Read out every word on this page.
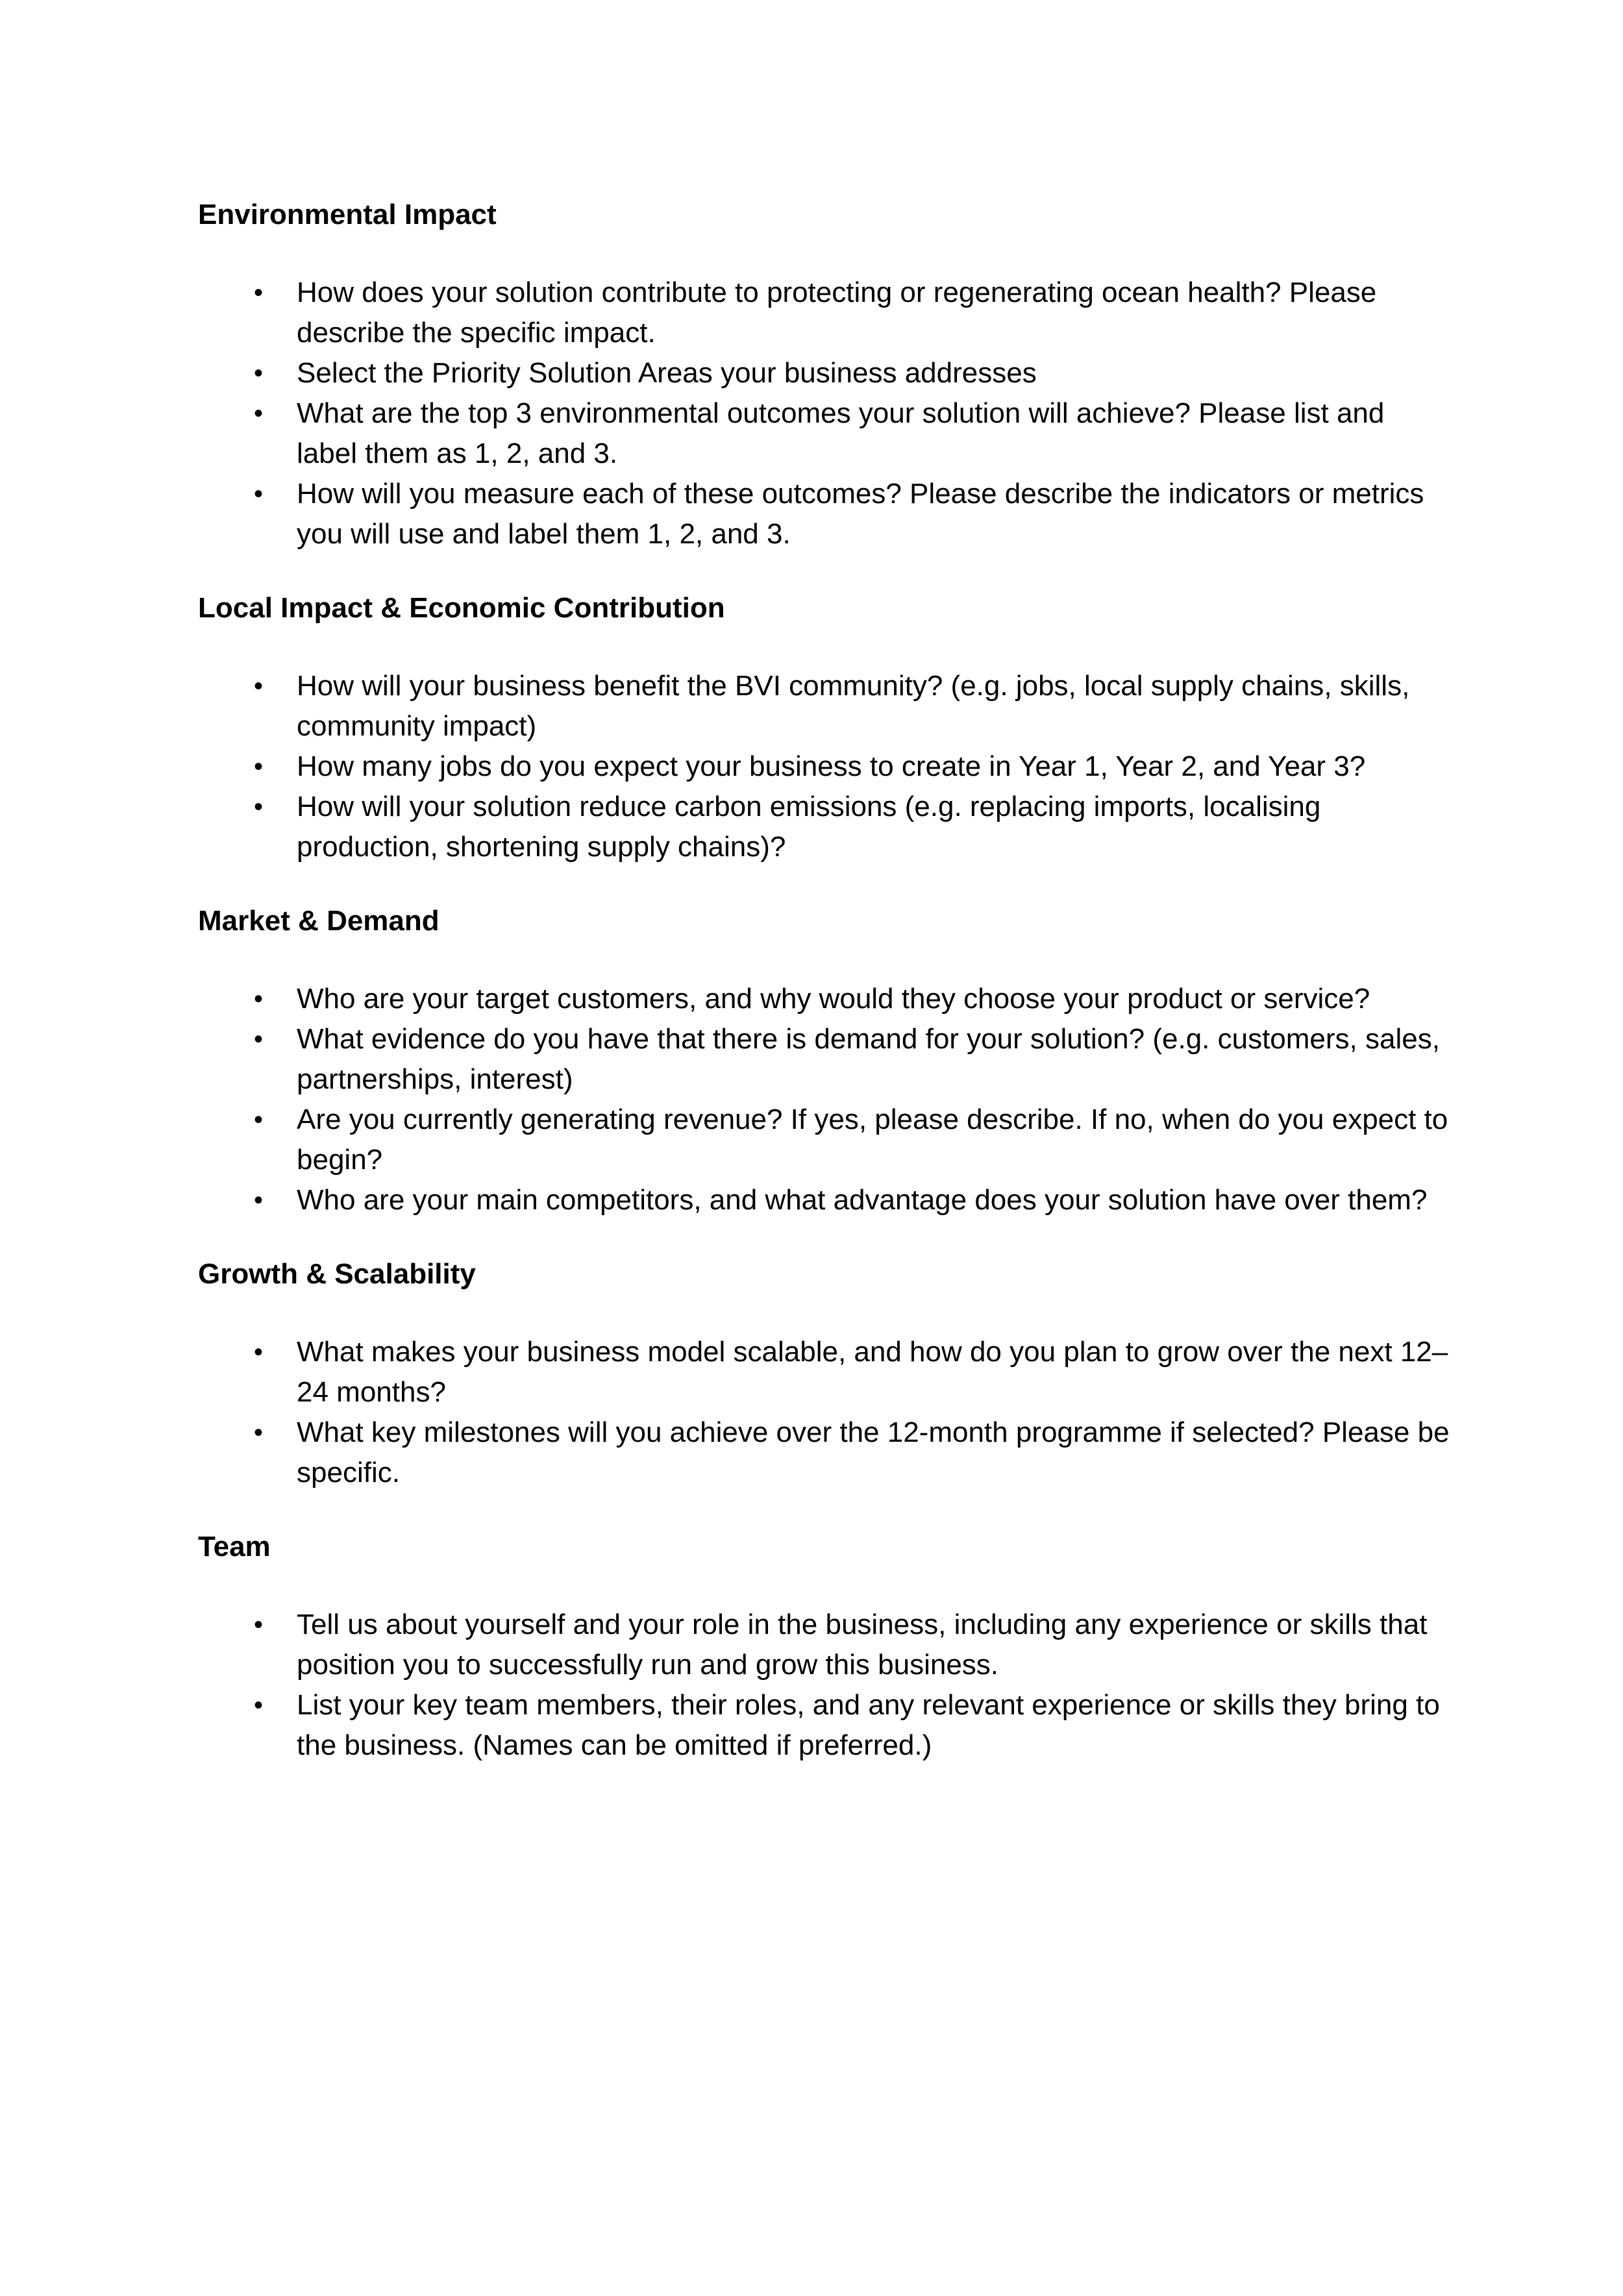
Environmental Impact
• How does your solution contribute to protecting or regenerating ocean health? Please describe the specific impact.
• Select the Priority Solution Areas your business addresses
• What are the top 3 environmental outcomes your solution will achieve? Please list and label them as 1, 2, and 3.
• How will you measure each of these outcomes? Please describe the indicators or metrics you will use and label them 1, 2, and 3.
Local Impact & Economic Contribution
• How will your business benefit the BVI community? (e.g. jobs, local supply chains, skills, community impact)
• How many jobs do you expect your business to create in Year 1, Year 2, and Year 3?
• How will your solution reduce carbon emissions (e.g. replacing imports, localising production, shortening supply chains)?
Market & Demand
• Who are your target customers, and why would they choose your product or service?
• What evidence do you have that there is demand for your solution? (e.g. customers, sales, partnerships, interest)
• Are you currently generating revenue? If yes, please describe. If no, when do you expect to begin?
• Who are your main competitors, and what advantage does your solution have over them?
Growth & Scalability
• What makes your business model scalable, and how do you plan to grow over the next 12–24 months?
• What key milestones will you achieve over the 12-month programme if selected? Please be specific.
Team
• Tell us about yourself and your role in the business, including any experience or skills that position you to successfully run and grow this business.
• List your key team members, their roles, and any relevant experience or skills they bring to the business. (Names can be omitted if preferred.)
